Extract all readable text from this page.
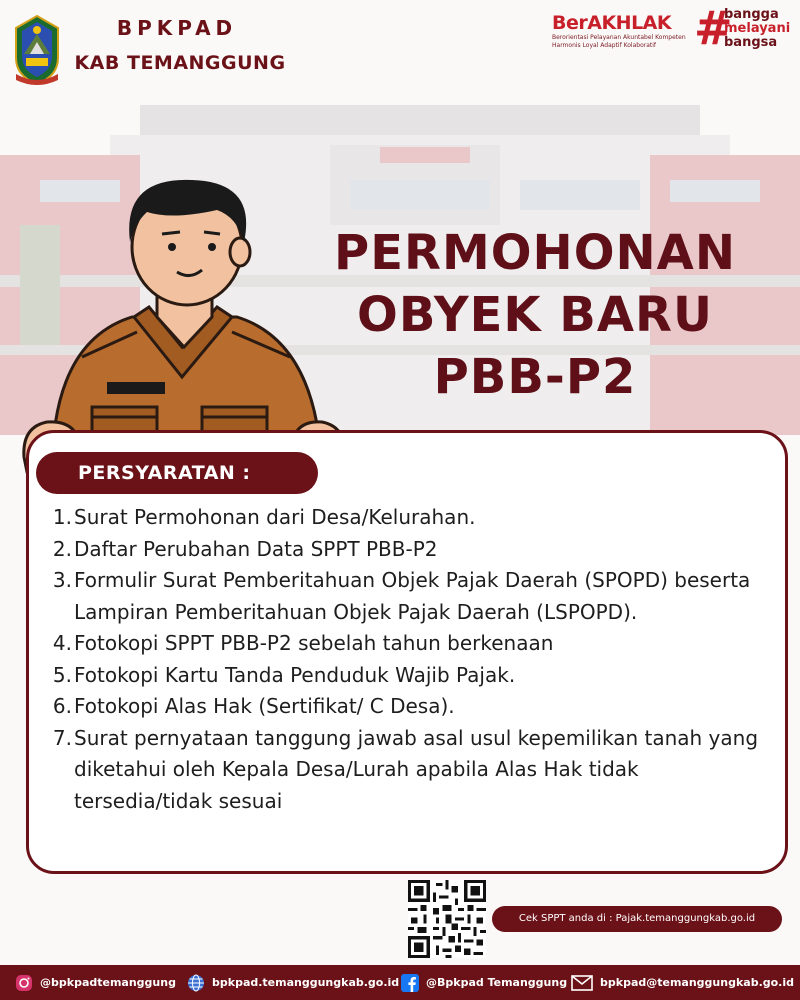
BPKPAD
KAB TEMANGGUNG
BerAKHLAK
Berorientasi Pelayanan Akuntabel Kompeten
Harmonis Loyal Adaptif Kolaboratif #
bangga
melayani
bangsa
PERMOHONAN
OBYEK BARU
PBB-P2
PERSYARATAN :
1. Surat Permohonan dari Desa/Kelurahan.
2. Daftar Perubahan Data SPPT PBB-P2
3. Formulir Surat Pemberitahuan Objek Pajak Daerah (SPOPD) beserta Lampiran Pemberitahuan Objek Pajak Daerah (LSPOPD).
4. Fotokopi SPPT PBB-P2 sebelah tahun berkenaan
5. Fotokopi Kartu Tanda Penduduk Wajib Pajak.
6. Fotokopi Alas Hak (Sertifikat/ C Desa).
7. Surat pernyataan tanggung jawab asal usul kepemilikan tanah yang diketahui oleh Kepala Desa/Lurah apabila Alas Hak tidak tersedia/tidak sesuai
Cek SPPT anda di : Pajak.temanggungkab.go.id
@bpkpadtemanggung	bpkpad.temanggungkab.go.id @Bpkpad Temanggung	bpkpad@temanggungkab.go.id
